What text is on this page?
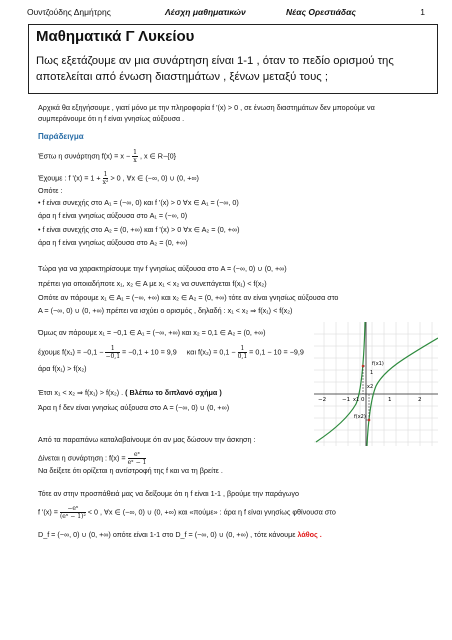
Ουντζούδης Δημήτρης	Λέσχη μαθηματικών	Νέας Ορεστιάδας	1
Μαθηματικά Γ Λυκείου
Πως εξετάζουμε αν μια συνάρτηση είναι 1-1 , όταν το πεδίο ορισμού της αποτελείται από ένωση διαστημάτων , ξένων μεταξύ τους ;
Αρχικά θα εξηγήσουμε , γιατί μόνο με την πληροφορία f '(x) > 0 , σε ένωση διαστημάτων δεν μπορούμε να
συμπεράνουμε ότι η f είναι γνησίως αύξουσα .
Παράδειγμα
Έστω η συνάρτηση $f(x) = x - \frac{1}{x}$ , x ∈ R−{0}
Έχουμε : f '$(x) = 1 + \frac{1}{\text{x²}} > 0$ , ∀x ∈ (−∞, 0) ∪ (0, +∞)
Οπότε :
• f είναι συνεχής στο A₁ = (−∞, 0) και f '(x) > 0 ∀x ∈ A₁ = (−∞, 0)
άρα η f είναι γνησίως αύξουσα στο A₁ = (−∞, 0)
• f είναι συνεχής στο A₂ = (0, +∞) και f '(x) > 0 ∀x ∈ A₂ = (0, +∞)
άρα η f είναι γνησίως αύξουσα στο A₂ = (0, +∞)
Τώρα για να χαρακτηρίσουμε την f γνησίως αύξουσα στο A = (−∞, 0) ∪ (0, +∞)
πρέπει για οποιαδήποτε x₁, x₂ ∈ A με x₁ < x₂ να συνεπάγεται f(x₁) < f(x₂)
Οπότε αν πάρουμε x₁ ∈ A₁ = (−∞, +∞) και x₂ ∈ A₂ = (0, +∞) τότε αν είναι γνησίως αύξουσα στο
A = (−∞, 0) ∪ (0, +∞) πρέπει να ισχύει ο ορισμός , δηλαδή : x₁ < x₂ ⇒ f(x₁) < f(x₂)
Όμως αν πάρουμε x₁ = −0,1 ∈ A₁ = (−∞, +∞) και x₂ = 0,1 ∈ A₂ = (0, +∞)
έχουμε $f(x_1) = -0,1 - \frac{1}{-0,1} = -0,1 + 10 = 9,9$ και $f(x_2) = 0,1 - \frac{1}{0,1} = 0,1 - 10 = -9,9$
άρα f(x₁) > f(x₂)
Έτσι x₁ < x₂ ⇒ f(x₁) > f(x₂) . ( Βλέπω το διπλανό σχήμα )
Άρα η f δεν είναι γνησίως αύξουσα στο A = (−∞, 0) ∪ (0, +∞)
Από τα παραπάνω καταλαβαίνουμε ότι αν μας δώσουν την άσκηση :
Δίνεται η συνάρτηση : $f(x) = \frac{\text{eˣ}}{\text{eˣ − 1}}$
Να δείξετε ότι ορίζεται η αντίστροφή της f και να τη βρείτε .
Τότε αν στην προσπάθειά μας να δείξουμε ότι η f είναι 1-1 , βρούμε την παράγωγο
f '$(x) = \frac{\text{−eˣ}}{\text{(eˣ − 1)²}} < 0$ , ∀x ∈ (−∞, 0) ∪ (0, +∞) και «πούμε» : άρα η f είναι γνησίως φθίνουσα στο
D_f = (−∞, 0) ∪ (0, +∞) οπότε είναι 1-1 στο D_f = (−∞, 0) ∪ (0, +∞) , τότε κάνουμε λάθος .
f(x1)
1
x2
f(x2)
−2	−1 x1 0	1	2
